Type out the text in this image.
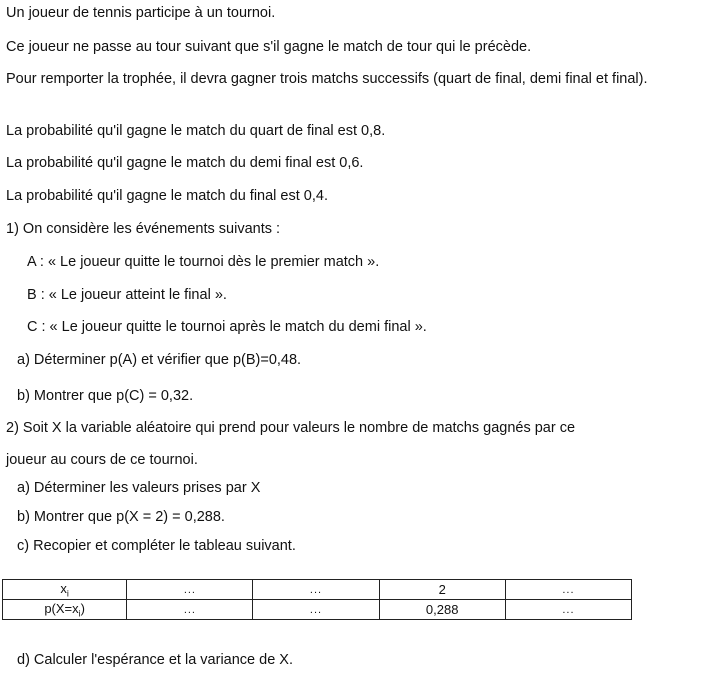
Un joueur de tennis participe à un tournoi.
Ce joueur ne passe au tour suivant que s'il gagne le match de tour qui le précède.
Pour remporter la trophée, il devra gagner trois matchs successifs (quart de final, demi final et final).
La probabilité qu'il gagne le match du quart de final est 0,8.
La probabilité qu'il gagne le match du demi final est 0,6.
La probabilité qu'il gagne le match du final est 0,4.
1) On considère les événements suivants :
A : « Le joueur quitte le tournoi dès le premier match ».
B : « Le joueur atteint le final ».
C : « Le joueur quitte le tournoi après le match du demi final ».
a) Déterminer p(A) et vérifier que p(B)=0,48.
b) Montrer que p(C) = 0,32.
2) Soit X la variable aléatoire qui prend pour valeurs le nombre de matchs gagnés par ce
joueur au cours de ce tournoi.
a) Déterminer les valeurs prises par X
b) Montrer que p(X = 2) = 0,288.
c) Recopier et compléter le tableau suivant.
$x_i$	...	...	2	...
$p(X=x_i)$	...	...	0,288	...
d) Calculer l'espérance et la variance de X.
